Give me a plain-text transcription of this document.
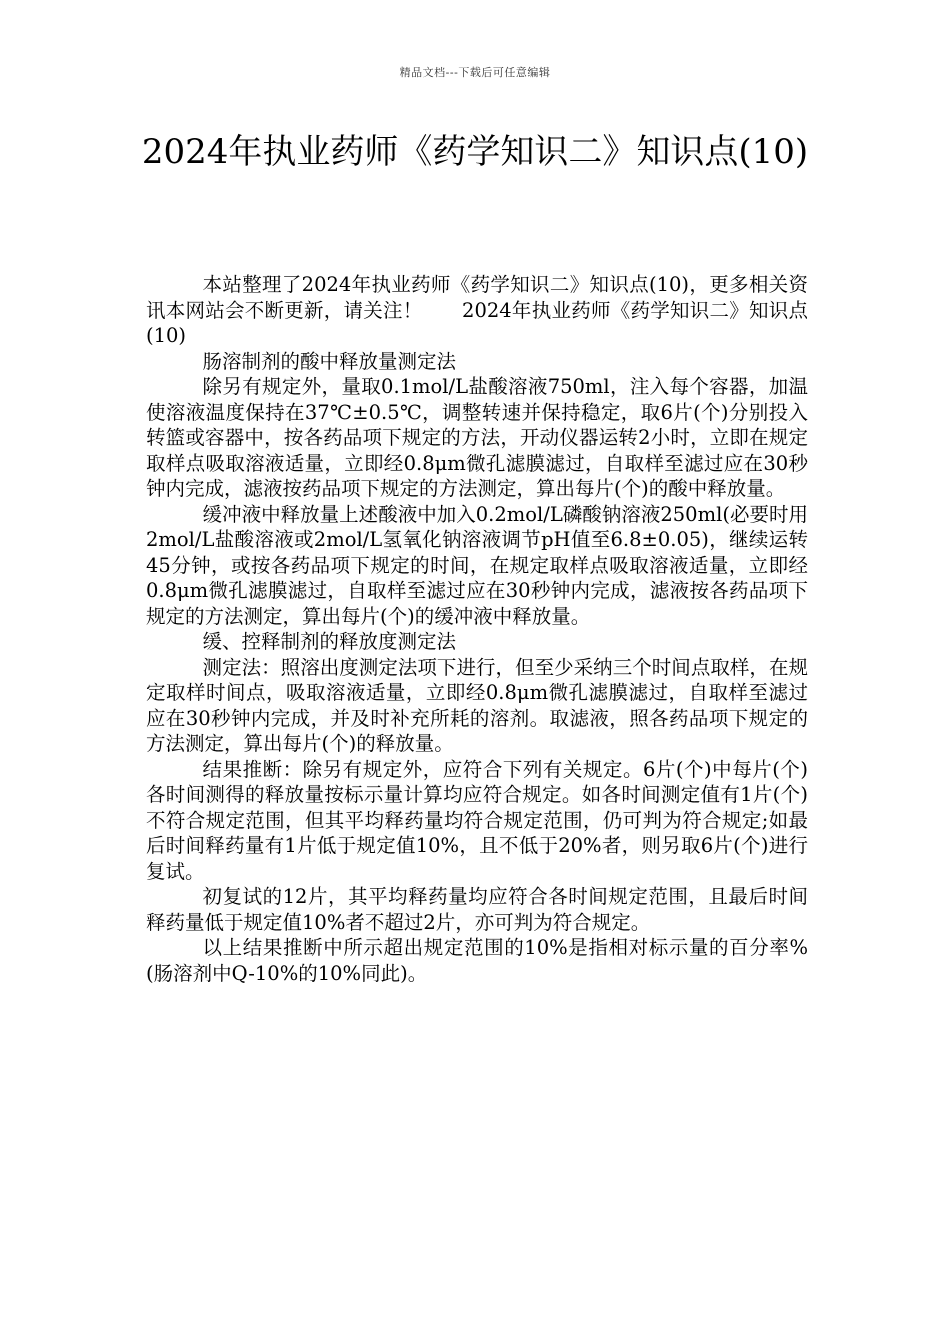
精品文档---下载后可任意编辑
2024年执业药师《药学知识二》知识点(10)

本站整理了2024年执业药师《药学知识二》知识点(10)，更多相关资讯本网站会不断更新，请关注！　　2024年执业药师《药学知识二》知识点(10)

肠溶制剂的酸中释放量测定法

除另有规定外，量取0.1mol/L盐酸溶液750ml，注入每个容器，加温使溶液温度保持在37℃±0.5℃，调整转速并保持稳定，取6片(个)分别投入转篮或容器中，按各药品项下规定的方法，开动仪器运转2小时，立即在规定取样点吸取溶液适量，立即经0.8μm微孔滤膜滤过，自取样至滤过应在30秒钟内完成，滤液按药品项下规定的方法测定，算出每片(个)的酸中释放量。

缓冲液中释放量上述酸液中加入0.2mol/L磷酸钠溶液250ml(必要时用2mol/L盐酸溶液或2mol/L氢氧化钠溶液调节pH值至6.8±0.05)，继续运转45分钟，或按各药品项下规定的时间，在规定取样点吸取溶液适量，立即经0.8μm微孔滤膜滤过，自取样至滤过应在30秒钟内完成，滤液按各药品项下规定的方法测定，算出每片(个)的缓冲液中释放量。

缓、控释制剂的释放度测定法

测定法：照溶出度测定法项下进行，但至少采纳三个时间点取样，在规定取样时间点，吸取溶液适量，立即经0.8μm微孔滤膜滤过，自取样至滤过应在30秒钟内完成，并及时补充所耗的溶剂。取滤液，照各药品项下规定的方法测定，算出每片(个)的释放量。

结果推断：除另有规定外，应符合下列有关规定。6片(个)中每片(个)各时间测得的释放量按标示量计算均应符合规定。如各时间测定值有1片(个)不符合规定范围，但其平均释药量均符合规定范围，仍可判为符合规定;如最后时间释药量有1片低于规定值10%，且不低于20%者，则另取6片(个)进行复试。

初复试的12片，其平均释药量均应符合各时间规定范围，且最后时间释药量低于规定值10%者不超过2片，亦可判为符合规定。

以上结果推断中所示超出规定范围的10%是指相对标示量的百分率%(肠溶剂中Q-10%的10%同此)。
